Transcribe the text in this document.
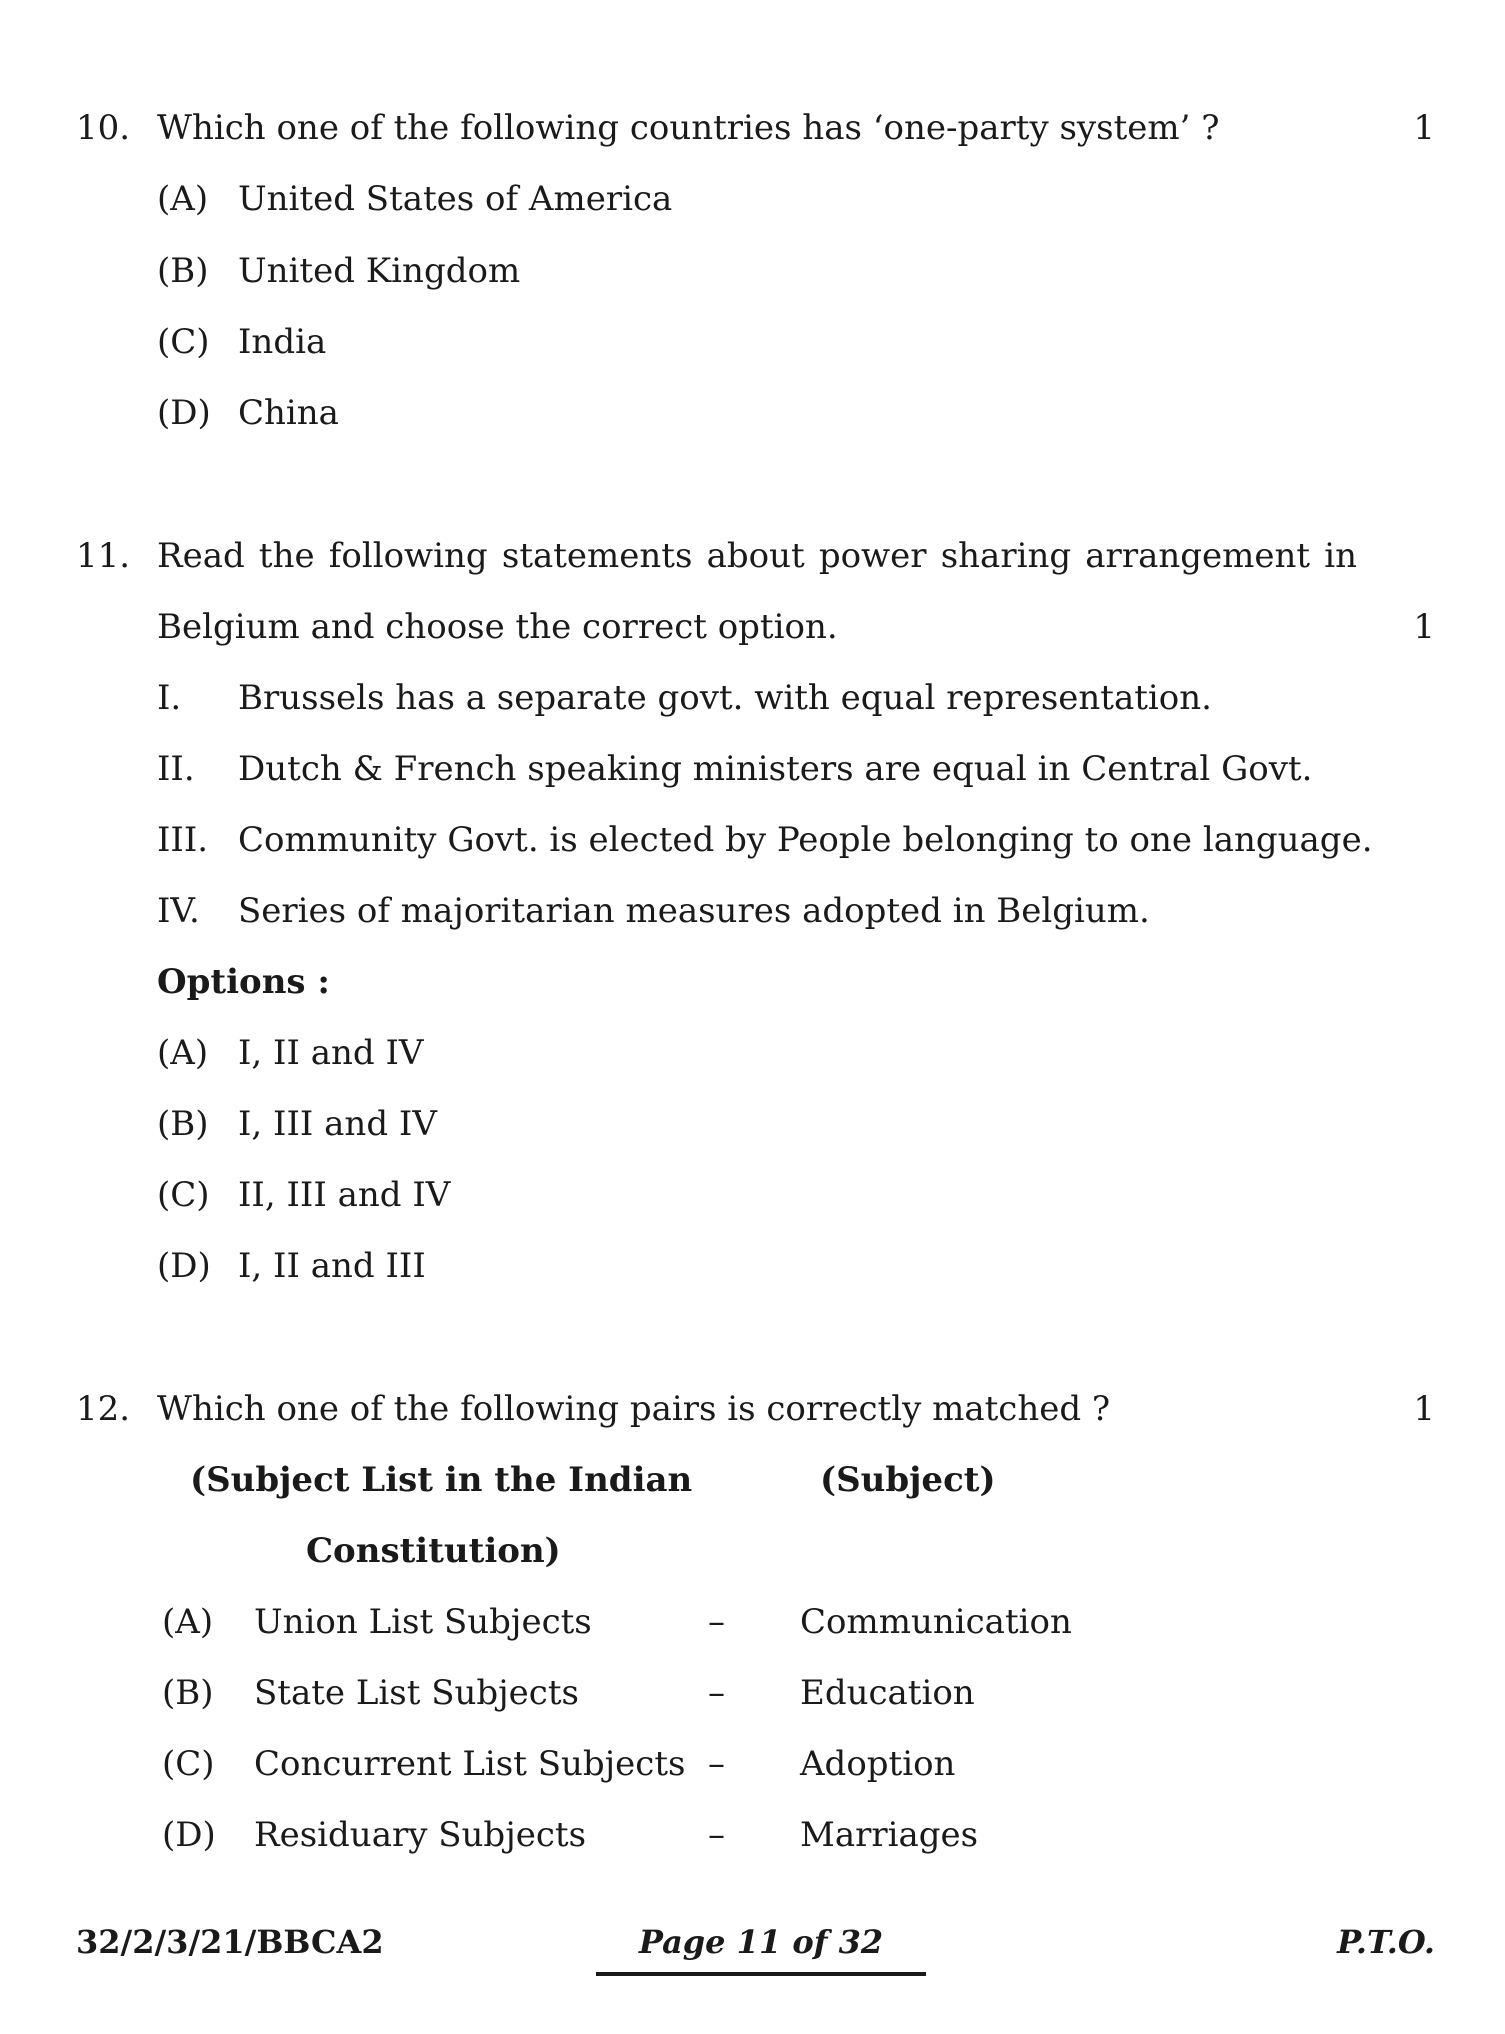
10. Which one of the following countries has ‘one-party system’ ?	1
(A) United States of America
(B) United Kingdom
(C) India
(D) China
11. Read the following statements about power sharing arrangement in
Belgium and choose the correct option.	1
I. Brussels has a separate govt. with equal representation.
II. Dutch & French speaking ministers are equal in Central Govt.
III. Community Govt. is elected by People belonging to one language.
IV. Series of majoritarian measures adopted in Belgium.
Options :
(A) I, II and IV
(B) I, III and IV
(C) II, III and IV
(D) I, II and III
12. Which one of the following pairs is correctly matched ?	1
(Subject List in the Indian	(Subject)
Constitution)
(A) Union List Subjects	– Communication
(B) State List Subjects	– Education
(C) Concurrent List Subjects – Adoption
(D) Residuary Subjects	– Marriages
32/2/3/21/BBCA2	Page 11 of 32	P.T.O.
